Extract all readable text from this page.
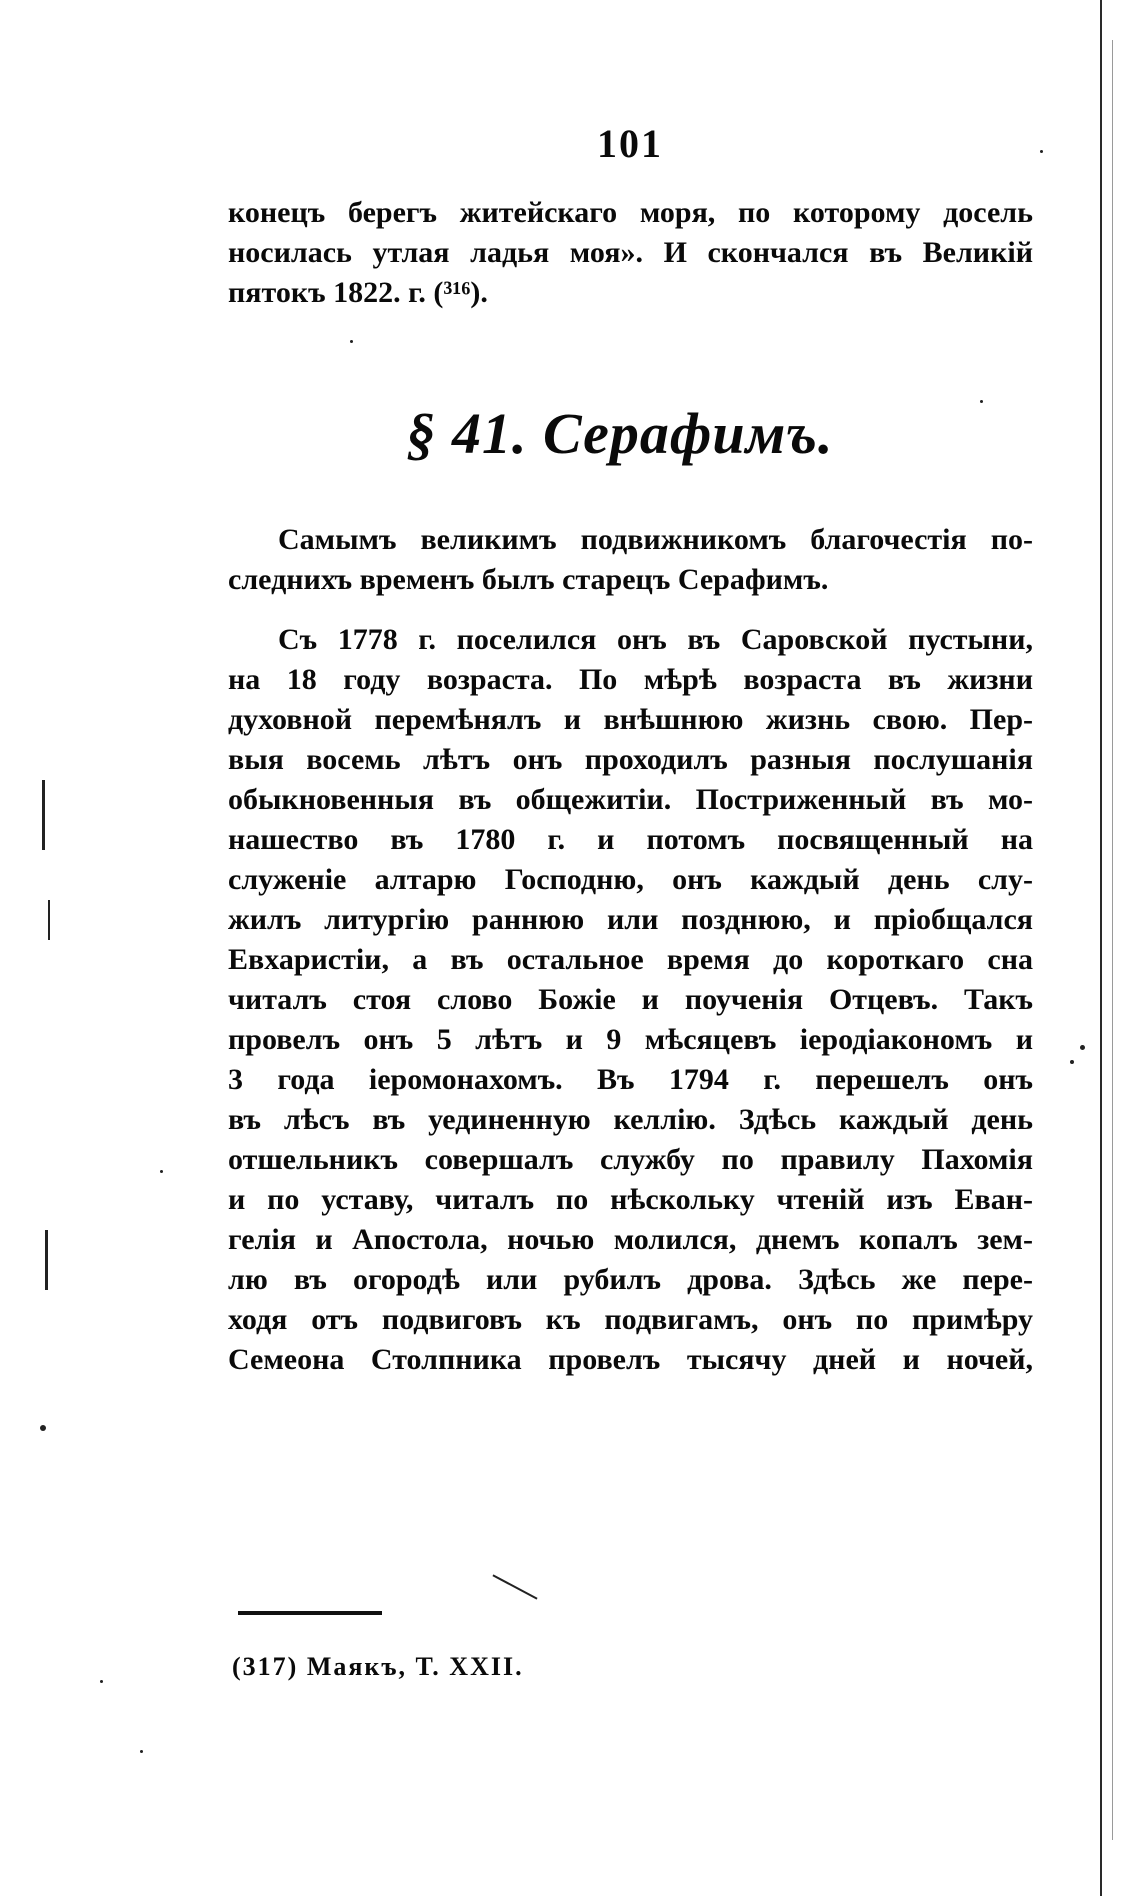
101
конецъ берегъ житейскаго моря, по которому досель
носилась утлая ладья моя». И скончался въ Великій
пятокъ 1822. г. (³¹⁶).
§ 41. Серафимъ.
Самымъ великимъ подвижникомъ благочестія по-
следнихъ временъ былъ старецъ Серафимъ.
Съ 1778 г. поселился онъ въ Саровской пустыни,
на 18 году возраста. По мѣрѣ возраста въ жизни
духовной перемѣнялъ и внѣшнюю жизнь свою. Пер-
выя восемь лѣтъ онъ проходилъ разныя послушанія
обыкновенныя въ общежитіи. Постриженный въ мо-
нашество въ 1780 г. и потомъ посвященный на
служеніе алтарю Господню, онъ каждый день слу-
жилъ литургію раннюю или позднюю, и пріобщался
Евхаристіи, а въ остальное время до короткаго сна
читалъ стоя слово Божіе и поученія Отцевъ. Такъ
провелъ онъ 5 лѣтъ и 9 мѣсяцевъ іеродіакономъ и
3 года іеромонахомъ. Въ 1794 г. перешелъ онъ
въ лѣсъ въ уединенную келлію. Здѣсь каждый день
отшельникъ совершалъ службу по правилу Пахомія
и по уставу, читалъ по нѣскольку чтеній изъ Еван-
гелія и Апостола, ночью молился, днемъ копалъ зем-
лю въ огородѣ или рубилъ дрова. Здѣсь же пере-
ходя отъ подвиговъ къ подвигамъ, онъ по примѣру
Семеона Столпника провелъ тысячу дней и ночей,
(317) Маякъ, Т. XXII.
